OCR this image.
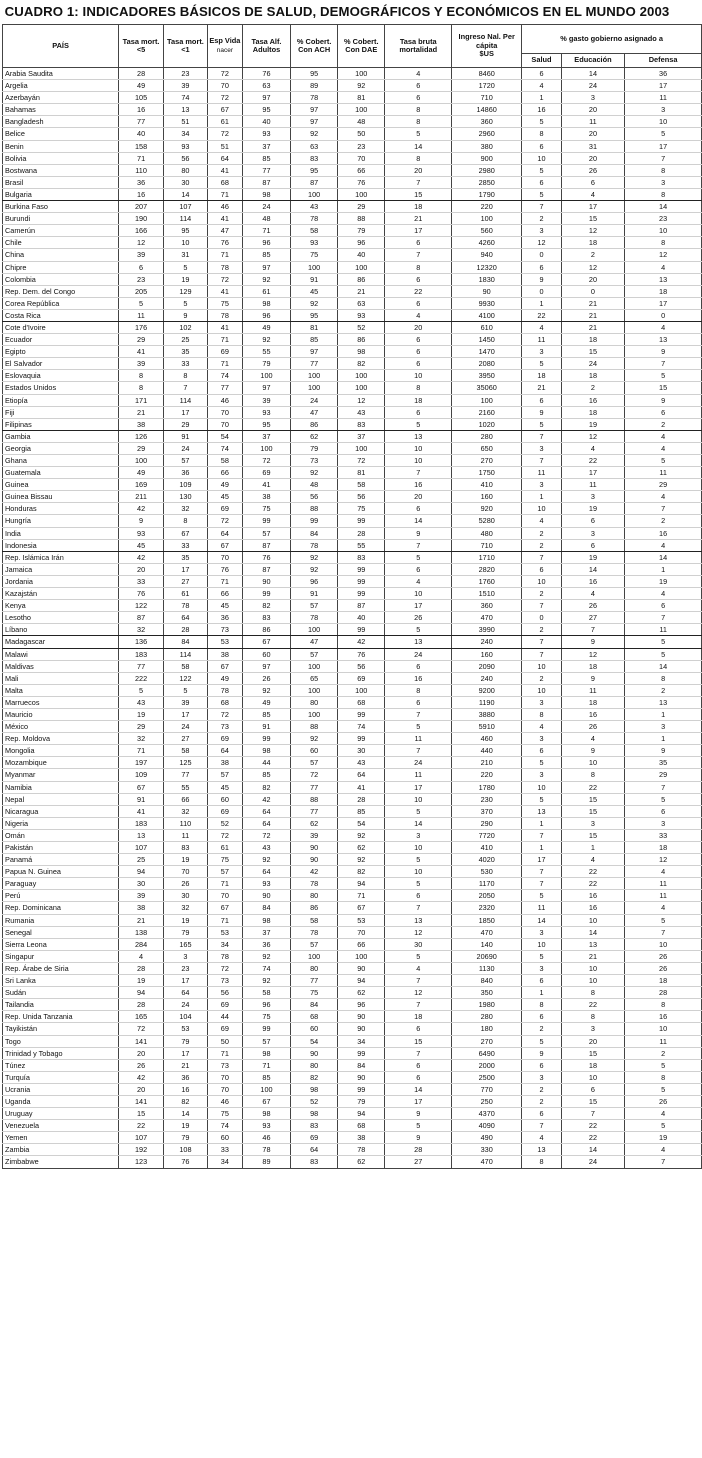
CUADRO 1: INDICADORES BÁSICOS DE SALUD, DEMOGRÁFICOS Y ECONÓMICOS EN EL MUNDO 2003
PAÍS	Tasa mort.<5	Tasa mort.<1	Esp Vida
nacer	Tasa Alf. Adultos	% Cobert. Con ACH	% Cobert. Con DAE	Tasa bruta mortalidad	Ingreso Nal. Per cápita
$US	% gasto gobierno asignado a		
									Salud	Educación	Defensa
Arabia Saudita	28	23	72	76	95	100	4	8460	6	14	36
Argelia	49	39	70	63	89	92	6	1720	4	24	17
Azerbayán	105	74	72	97	78	81	6	710	1	3	11
Bahamas	16	13	67	95	97	100	8	14860	16	20	3
Bangladesh	77	51	61	40	97	48	8	360	5	11	10
Belice	40	34	72	93	92	50	5	2960	8	20	5
Benin	158	93	51	37	63	23	14	380	6	31	17
Bolivia	71	56	64	85	83	70	8	900	10	20	7
Bostwana	110	80	41	77	95	66	20	2980	5	26	8
Brasil	36	30	68	87	87	76	7	2850	6	6	3
Bulgaria	16	14	71	98	100	100	15	1790	5	4	8
Burkina Faso	207	107	46	24	43	29	18	220	7	17	14
Burundi	190	114	41	48	78	88	21	100	2	15	23
Camerún	166	95	47	71	58	79	17	560	3	12	10
Chile	12	10	76	96	93	96	6	4260	12	18	8
China	39	31	71	85	75	40	7	940	0	2	12
Chipre	6	5	78	97	100	100	8	12320	6	12	4
Colombia	23	19	72	92	91	86	6	1830	9	20	13
Rep. Dem. del Congo	205	129	41	61	45	21	22	90	0	0	18
Corea República	5	5	75	98	92	63	6	9930	1	21	17
Costa Rica	11	9	78	96	95	93	4	4100	22	21	0
Cote d'Ivoire	176	102	41	49	81	52	20	610	4	21	4
Ecuador	29	25	71	92	85	86	6	1450	11	18	13
Egipto	41	35	69	55	97	98	6	1470	3	15	9
El Salvador	39	33	71	79	77	82	6	2080	5	24	7
Eslovaquia	8	8	74	100	100	100	10	3950	18	18	5
Estados Unidos	8	7	77	97	100	100	8	35060	21	2	15
Etiopía	171	114	46	39	24	12	18	100	6	16	9
Fiji	21	17	70	93	47	43	6	2160	9	18	6
Filipinas	38	29	70	95	86	83	5	1020	5	19	2
Gambia	126	91	54	37	62	37	13	280	7	12	4
Georgia	29	24	74	100	79	100	10	650	3	4	4
Ghana	100	57	58	72	73	72	10	270	7	22	5
Guatemala	49	36	66	69	92	81	7	1750	11	17	11
Guinea	169	109	49	41	48	58	16	410	3	11	29
Guinea Bissau	211	130	45	38	56	56	20	160	1	3	4
Honduras	42	32	69	75	88	75	6	920	10	19	7
Hungría	9	8	72	99	99	99	14	5280	4	6	2
India	93	67	64	57	84	28	9	480	2	3	16
Indonesia	45	33	67	87	78	55	7	710	2	6	4
Rep. Islámica Irán	42	35	70	76	92	83	5	1710	7	19	14
Jamaica	20	17	76	87	92	99	6	2820	6	14	1
Jordania	33	27	71	90	96	99	4	1760	10	16	19
Kazajstán	76	61	66	99	91	99	10	1510	2	4	4
Kenya	122	78	45	82	57	87	17	360	7	26	6
Lesotho	87	64	36	83	78	40	26	470	0	27	7
Líbano	32	28	73	86	100	99	5	3990	2	7	11
Madagascar	136	84	53	67	47	42	13	240	7	9	5
Malawi	183	114	38	60	57	76	24	160	7	12	5
Maldivas	77	58	67	97	100	56	6	2090	10	18	14
Mali	222	122	49	26	65	69	16	240	2	9	8
Malta	5	5	78	92	100	100	8	9200	10	11	2
Marruecos	43	39	68	49	80	68	6	1190	3	18	13
Mauricio	19	17	72	85	100	99	7	3880	8	16	1
México	29	24	73	91	88	74	5	5910	4	26	3
Rep. Moldova	32	27	69	99	92	99	11	460	3	4	1
Mongolia	71	58	64	98	60	30	7	440	6	9	9
Mozambique	197	125	38	44	57	43	24	210	5	10	35
Myanmar	109	77	57	85	72	64	11	220	3	8	29
Namibia	67	55	45	82	77	41	17	1780	10	22	7
Nepal	91	66	60	42	88	28	10	230	5	15	5
Nicaragua	41	32	69	64	77	85	5	370	13	15	6
Nigeria	183	110	52	64	62	54	14	290	1	3	3
Omán	13	11	72	72	39	92	3	7720	7	15	33
Pakistán	107	83	61	43	90	62	10	410	1	1	18
Panamá	25	19	75	92	90	92	5	4020	17	4	12
Papua N. Guinea	94	70	57	64	42	82	10	530	7	22	4
Paraguay	30	26	71	93	78	94	5	1170	7	22	11
Perú	39	30	70	90	80	71	6	2050	5	16	11
Rep. Dominicana	38	32	67	84	86	67	7	2320	11	16	4
Rumania	21	19	71	98	58	53	13	1850	14	10	5
Senegal	138	79	53	37	78	70	12	470	3	14	7
Sierra Leona	284	165	34	36	57	66	30	140	10	13	10
Singapur	4	3	78	92	100	100	5	20690	5	21	26
Rep. Árabe de Siria	28	23	72	74	80	90	4	1130	3	10	26
Sri Lanka	19	17	73	92	77	94	7	840	6	10	18
Sudán	94	64	56	58	75	62	12	350	1	8	28
Tailandia	28	24	69	96	84	96	7	1980	8	22	8
Rep. Unida Tanzania	165	104	44	75	68	90	18	280	6	8	16
Tayikistán	72	53	69	99	60	90	6	180	2	3	10
Togo	141	79	50	57	54	34	15	270	5	20	11
Trinidad y Tobago	20	17	71	98	90	99	7	6490	9	15	2
Túnez	26	21	73	71	80	84	6	2000	6	18	5
Turquía	42	36	70	85	82	90	6	2500	3	10	8
Ucrania	20	16	70	100	98	99	14	770	2	6	5
Uganda	141	82	46	67	52	79	17	250	2	15	26
Uruguay	15	14	75	98	98	94	9	4370	6	7	4
Venezuela	22	19	74	93	83	68	5	4090	7	22	5
Yemen	107	79	60	46	69	38	9	490	4	22	19
Zambia	192	108	33	78	64	78	28	330	13	14	4
Zimbabwe	123	76	34	89	83	62	27	470	8	24	7
